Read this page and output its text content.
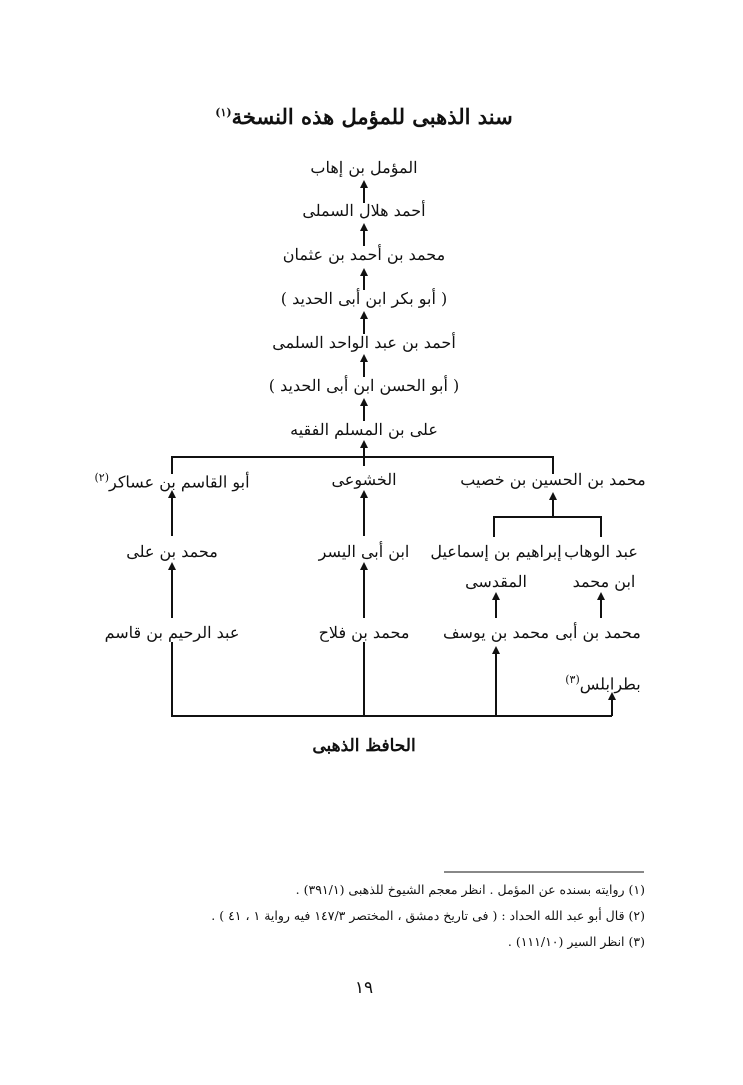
سند الذهبى للمؤمل هذه النسخة$^{(١)}$
المؤمل بن إهاب
أحمد هلال السملى
محمد بن أحمد بن عثمان
( أبو بكر ابن أبى الحديد )
أحمد بن عبد الواحد السلمى
( أبو الحسن ابن أبى الحديد )
على بن المسلم الفقيه
محمد بن الحسين بن خصيب
عبد الوهاب
ابن محمد
إبراهيم بن إسماعيل
المقدسى
محمد بن يوسف محمد بن أبى
بطرابلس$^{(٣)}$
الخشوعى
ابن أبى اليسر
محمد بن فلاح
أبو القاسم بن عساكر$^{(٢)}$
محمد بن على
عبد الرحيم بن قاسم
الحافظ الذهبى
(١) روايته بسنده عن المؤمل . انظر معجم الشيوخ للذهبى (٣٩١/١) .
(٢) قال أبو عبد الله الحداد : ( فى تاريخ دمشق ، المختصر ١٤٧/٣ فيه رواية ١ ، ٤١ ) .
(٣) انظر السير (١١١/١٠) .
١٩
